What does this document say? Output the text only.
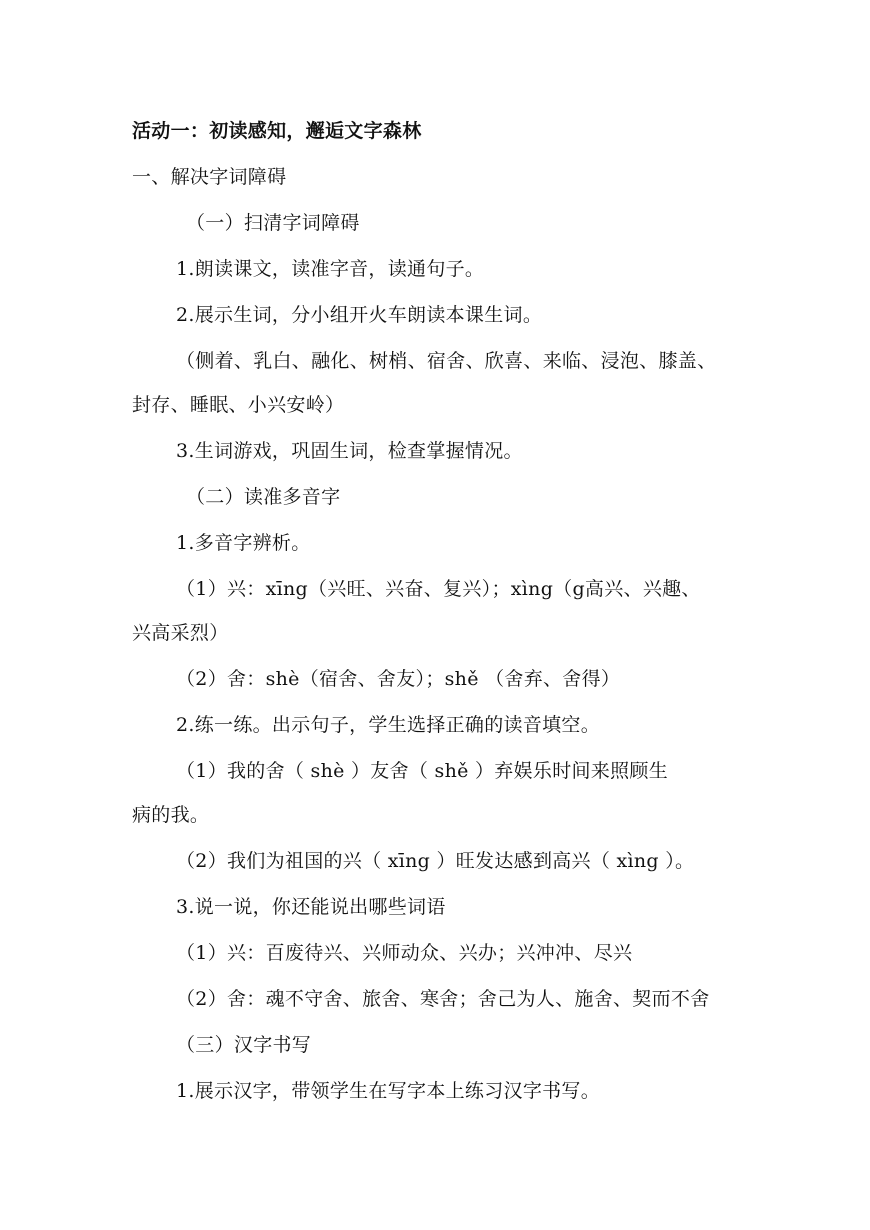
活动一：初读感知，邂逅文字森林
一、解决字词障碍
（一）扫清字词障碍
1.朗读课文，读准字音，读通句子。
2.展示生词，分小组开火车朗读本课生词。
（侧着、乳白、融化、树梢、宿舍、欣喜、来临、浸泡、膝盖、
封存、睡眠、小兴安岭）
3.生词游戏，巩固生词，检查掌握情况。
（二）读准多音字
1.多音字辨析。
（1）兴：xīng（兴旺、兴奋、复兴）；xìng（g高兴、兴趣、
兴高采烈）
（2）舍：shè（宿舍、舍友）；shě （舍弃、舍得）
2.练一练。出示句子，学生选择正确的读音填空。
（1）我的舍（ shè ）友舍（ shě ）弃娱乐时间来照顾生
病的我。
（2）我们为祖国的兴（ xīng ）旺发达感到高兴（ xìng ）。
3.说一说，你还能说出哪些词语
（1）兴：百废待兴、兴师动众、兴办；兴冲冲、尽兴
（2）舍：魂不守舍、旅舍、寒舍；舍己为人、施舍、契而不舍
（三）汉字书写
1.展示汉字，带领学生在写字本上练习汉字书写。
